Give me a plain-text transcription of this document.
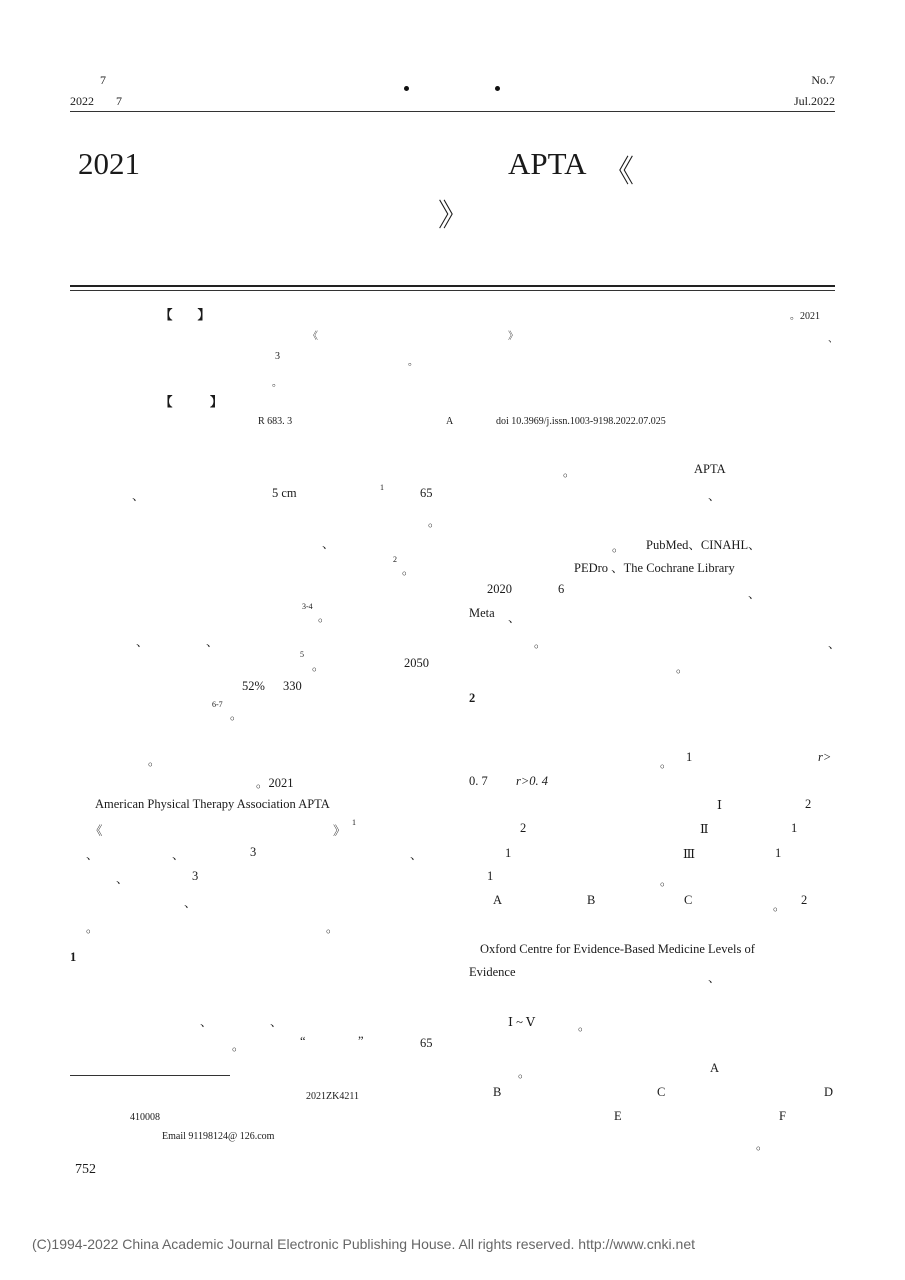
7
2022 7
No.7
Jul.2022
2021	APTA 《
》
【　　】	。2021
《	》	、
3
。
。
【　　　】
R 683. 3	A	doi 10.3969/j.issn.1003-9198.2022.07.025
、	5 cm	1	65
。
、
2
。
3-4
。
、	、
5
。	2050
52% 330
6-7
。
。
。2021
American Physical Therapy Association APTA
《	》
1
、	、	3	、
、	3
、
。	。
1
、	、
。	“	”	65
2021ZK4211
410008
Email 91198124@ 126.com
752
。	APTA
、
。 PubMed、CINAHL、
PEDro 、The Cochrane Library
2020	6	、
Meta 、
。	、
。
2
。 1	r>
0. 7 r>0. 4
Ⅰ	2
2	Ⅱ	1
1	Ⅲ	1
1	。
A	B	C	。 2
Oxford Centre for Evidence-Based Medicine Levels of
Evidence	、
Ⅰ ~ Ⅴ	。
。	A
B	C	D
E	F
。
(C)1994-2022 China Academic Journal Electronic Publishing House. All rights reserved. http://www.cnki.net
